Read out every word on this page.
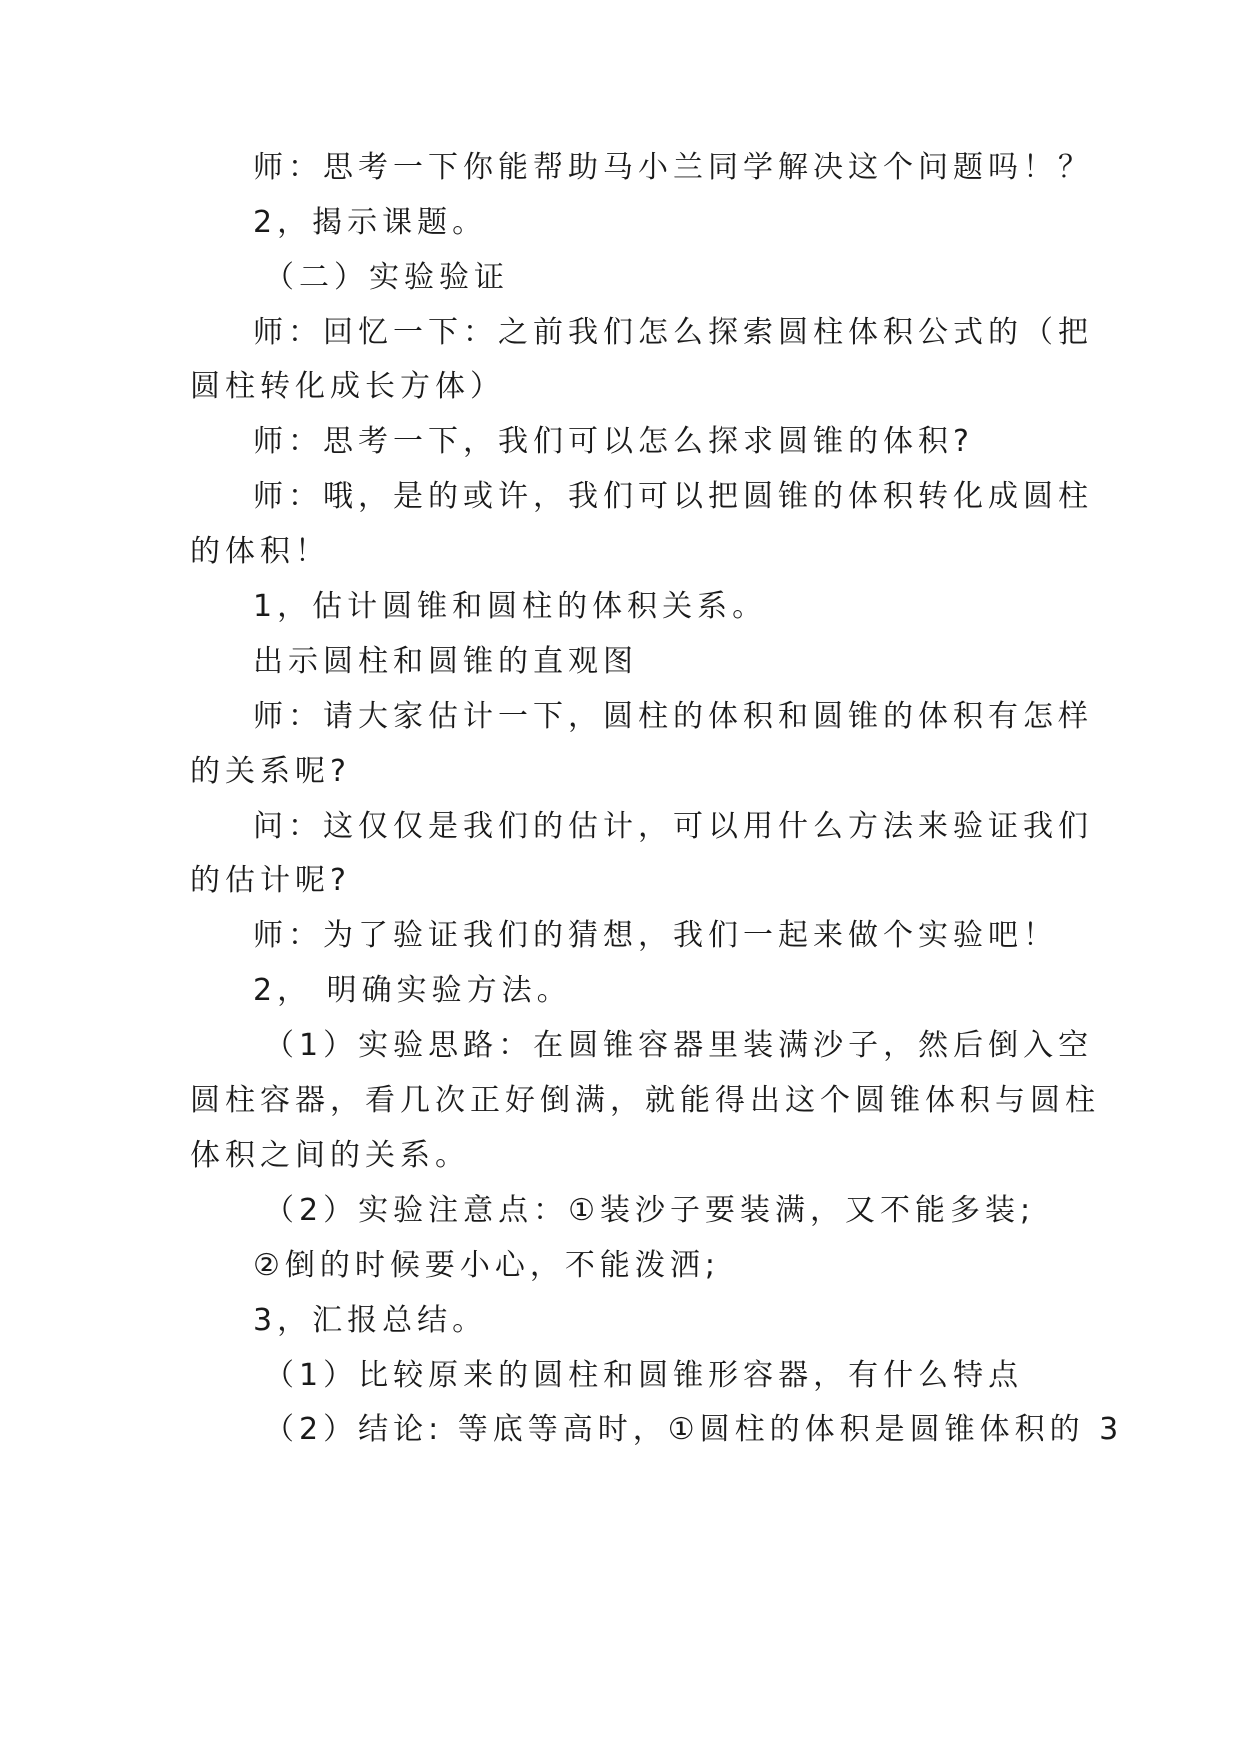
师：思考一下你能帮助马小兰同学解决这个问题吗！？
2，揭示课题。
（二）实验验证
师：回忆一下：之前我们怎么探索圆柱体积公式的（把
圆柱转化成长方体）
师：思考一下，我们可以怎么探求圆锥的体积?
师：哦，是的或许，我们可以把圆锥的体积转化成圆柱
的体积！
1，估计圆锥和圆柱的体积关系。
出示圆柱和圆锥的直观图
师：请大家估计一下，圆柱的体积和圆锥的体积有怎样
的关系呢?
问：这仅仅是我们的估计，可以用什么方法来验证我们
的估计呢?
师：为了验证我们的猜想，我们一起来做个实验吧！
2， 明确实验方法。
（1）实验思路：在圆锥容器里装满沙子，然后倒入空
圆柱容器，看几次正好倒满，就能得出这个圆锥体积与圆柱
体积之间的关系。
（2）实验注意点：①装沙子要装满，又不能多装;
②倒的时候要小心，不能泼洒;
3，汇报总结。
（1）比较原来的圆柱和圆锥形容器，有什么特点
（2）结论: 等底等高时，①圆柱的体积是圆锥体积的 3
